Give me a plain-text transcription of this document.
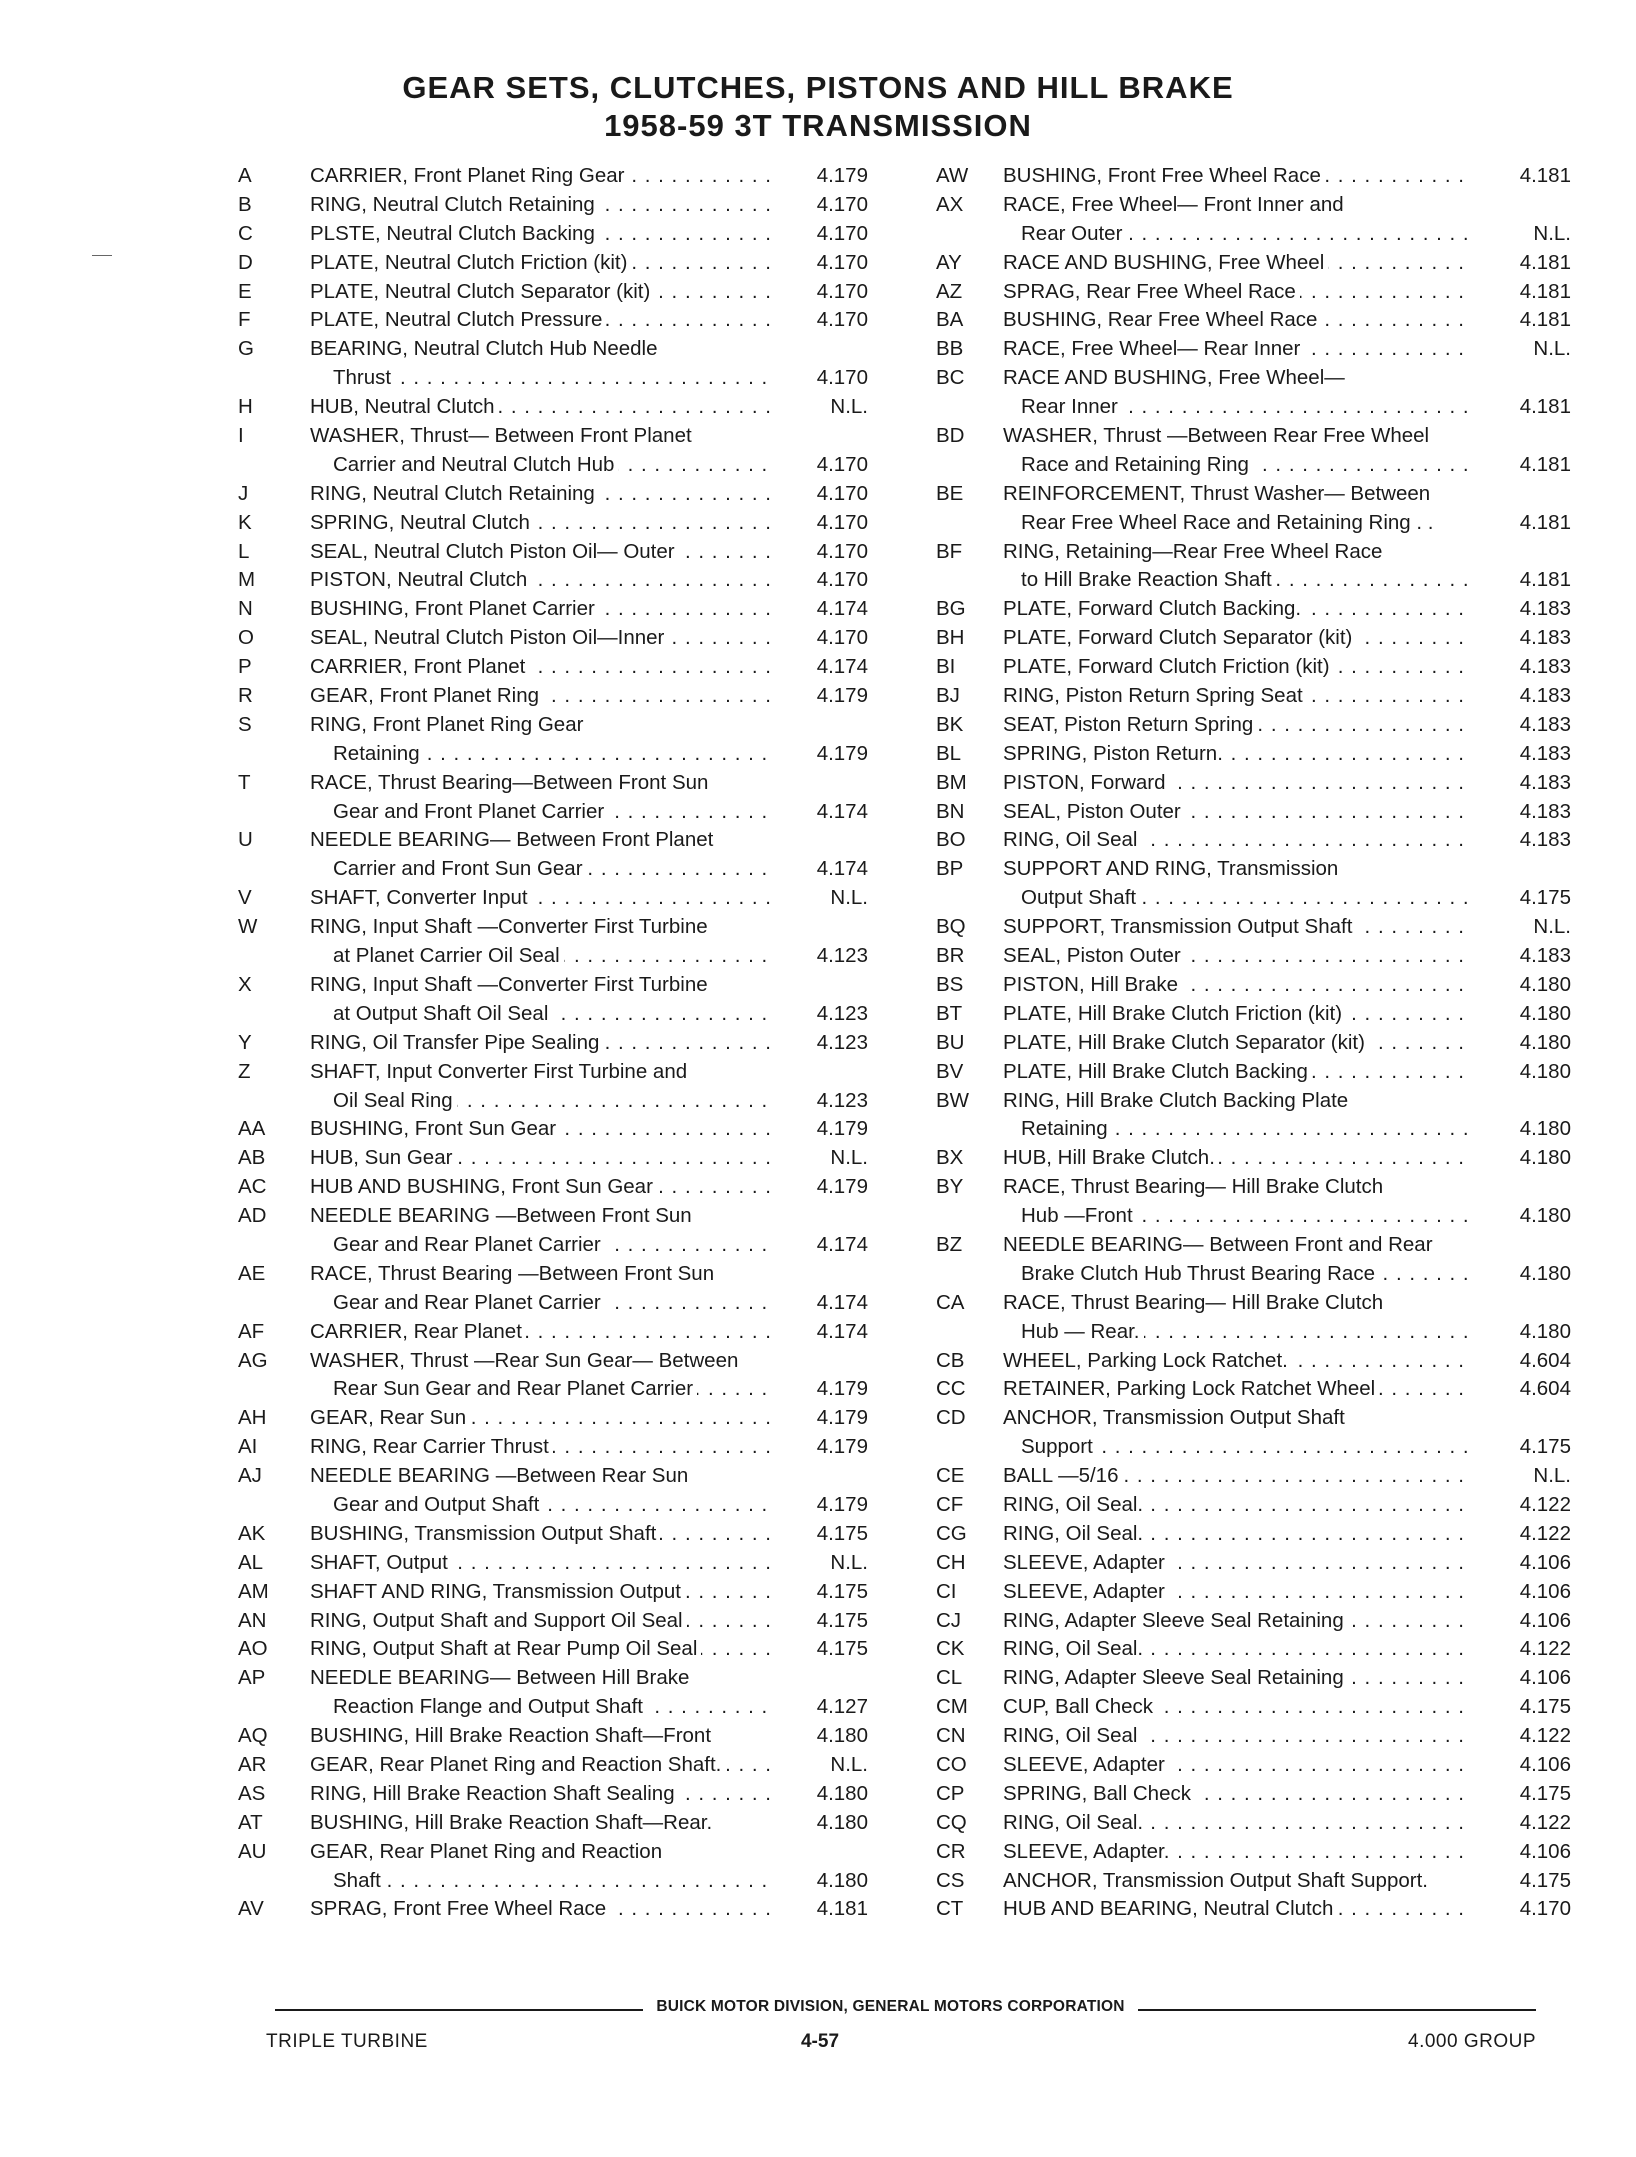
GEAR SETS, CLUTCHES, PISTONS AND HILL BRAKE
1958-59 3T TRANSMISSION
A	CARRIER, Front Planet Ring Gear . . .	4.179
B	RING, Neutral Clutch Retaining . . .	4.170
C	PLSTE, Neutral Clutch Backing . . .	4.170
D	PLATE, Neutral Clutch Friction (kit) . . .	4.170
E	PLATE, Neutral Clutch Separator (kit) . . .	4.170
F	PLATE, Neutral Clutch Pressure . . .	4.170
G	BEARING, Neutral Clutch Hub Needle
Thrust . . .	4.170
H	HUB, Neutral Clutch . . .	N.L.
I	WASHER, Thrust— Between Front Planet
Carrier and Neutral Clutch Hub . . .	4.170
J	RING, Neutral Clutch Retaining . . .	4.170
K	SPRING, Neutral Clutch . . .	4.170
L	SEAL, Neutral Clutch Piston Oil— Outer . . .	4.170
M	PISTON, Neutral Clutch . . .	4.170
N	BUSHING, Front Planet Carrier . . .	4.174
O	SEAL, Neutral Clutch Piston Oil—Inner . . .	4.170
P	CARRIER, Front Planet . . .	4.174
R	GEAR, Front Planet Ring . . .	4.179
S	RING, Front Planet Ring Gear
Retaining . . .	4.179
T	RACE, Thrust Bearing—Between Front Sun
Gear and Front Planet Carrier . . .	4.174
U	NEEDLE BEARING— Between Front Planet
Carrier and Front Sun Gear . . .	4.174
V	SHAFT, Converter Input . . .	N.L.
W	RING, Input Shaft —Converter First Turbine
at Planet Carrier Oil Seal . . .	4.123
X	RING, Input Shaft —Converter First Turbine
at Output Shaft Oil Seal . . .	4.123
Y	RING, Oil Transfer Pipe Sealing . . .	4.123
Z	SHAFT, Input Converter First Turbine and
Oil Seal Ring . . .	4.123
AA BUSHING, Front Sun Gear . . .	4.179
AB HUB, Sun Gear . . .	N.L.
AC HUB AND BUSHING, Front Sun Gear . . .	4.179
AD NEEDLE BEARING —Between Front Sun
Gear and Rear Planet Carrier . . .	4.174
AE RACE, Thrust Bearing —Between Front Sun
Gear and Rear Planet Carrier . . .	4.174
AF CARRIER, Rear Planet . . .	4.174
AG WASHER, Thrust —Rear Sun Gear— Between
Rear Sun Gear and Rear Planet Carrier . . .	4.179
AH GEAR, Rear Sun . . .	4.179
AI	RING, Rear Carrier Thrust . . .	4.179
AJ NEEDLE BEARING —Between Rear Sun
Gear and Output Shaft . . .	4.179
AK BUSHING, Transmission Output Shaft . . .	4.175
AL SHAFT, Output . . .	N.L.
AM SHAFT AND RING, Transmission Output . . .	4.175
AN RING, Output Shaft and Support Oil Seal . . .	4.175
AO RING, Output Shaft at Rear Pump Oil Seal . . .	4.175
AP NEEDLE BEARING— Between Hill Brake
Reaction Flange and Output Shaft . . .	4.127
AQ BUSHING, Hill Brake Reaction Shaft—Front	4.180
AR GEAR, Rear Planet Ring and Reaction Shaft. . . .	N.L.
AS RING, Hill Brake Reaction Shaft Sealing . . .	4.180
AT BUSHING, Hill Brake Reaction Shaft—Rear.	4.180
AU GEAR, Rear Planet Ring and Reaction
Shaft . . .	4.180
AV SPRAG, Front Free Wheel Race . . .	4.181
AW BUSHING, Front Free Wheel Race . . .	4.181
AX RACE, Free Wheel— Front Inner and
Rear Outer . . .	N.L.
AY RACE AND BUSHING, Free Wheel . . .	4.181
AZ SPRAG, Rear Free Wheel Race . . .	4.181
BA BUSHING, Rear Free Wheel Race . . .	4.181
BB RACE, Free Wheel— Rear Inner . . .	N.L.
BC RACE AND BUSHING, Free Wheel—
Rear Inner . . .	4.181
BD WASHER, Thrust —Between Rear Free Wheel
Race and Retaining Ring . . .	4.181
BE REINFORCEMENT, Thrust Washer— Between
Rear Free Wheel Race and Retaining Ring . .	4.181
BF RING, Retaining—Rear Free Wheel Race
to Hill Brake Reaction Shaft . . .	4.181
BG PLATE, Forward Clutch Backing. . . .	4.183
BH PLATE, Forward Clutch Separator (kit) . . .	4.183
BI PLATE, Forward Clutch Friction (kit) . . .	4.183
BJ RING, Piston Return Spring Seat . . .	4.183
BK SEAT, Piston Return Spring . . .	4.183
BL SPRING, Piston Return. . . .	4.183
BM PISTON, Forward . . .	4.183
BN SEAL, Piston Outer . . .	4.183
BO RING, Oil Seal . . .	4.183
BP SUPPORT AND RING, Transmission
Output Shaft . . .	4.175
BQ SUPPORT, Transmission Output Shaft . . .	N.L.
BR SEAL, Piston Outer . . .	4.183
BS PISTON, Hill Brake . . .	4.180
BT PLATE, Hill Brake Clutch Friction (kit) . . .	4.180
BU PLATE, Hill Brake Clutch Separator (kit) . . .	4.180
BV PLATE, Hill Brake Clutch Backing . . .	4.180
BW RING, Hill Brake Clutch Backing Plate
Retaining . . .	4.180
BX HUB, Hill Brake Clutch. . . .	4.180
BY RACE, Thrust Bearing— Hill Brake Clutch
Hub —Front . . .	4.180
BZ NEEDLE BEARING— Between Front and Rear
Brake Clutch Hub Thrust Bearing Race . . .	4.180
CA RACE, Thrust Bearing— Hill Brake Clutch
Hub — Rear. . . .	4.180
CB WHEEL, Parking Lock Ratchet. . . .	4.604
CC RETAINER, Parking Lock Ratchet Wheel . . .	4.604
CD ANCHOR, Transmission Output Shaft
Support . . .	4.175
CE BALL —5/16 . . .	N.L.
CF RING, Oil Seal. . . .	4.122
CG RING, Oil Seal. . . .	4.122
CH SLEEVE, Adapter . . .	4.106
CI SLEEVE, Adapter . . .	4.106
CJ RING, Adapter Sleeve Seal Retaining . . .	4.106
CK RING, Oil Seal. . . .	4.122
CL RING, Adapter Sleeve Seal Retaining . . .	4.106
CM CUP, Ball Check . . .	4.175
CN RING, Oil Seal . . .	4.122
CO SLEEVE, Adapter . . .	4.106
CP SPRING, Ball Check . . .	4.175
CQ RING, Oil Seal. . . .	4.122
CR SLEEVE, Adapter. . . .	4.106
CS ANCHOR, Transmission Output Shaft Support.	4.175
CT HUB AND BEARING, Neutral Clutch . . .	4.170
BUICK MOTOR DIVISION, GENERAL MOTORS CORPORATION
TRIPLE TURBINE	4-57	4.000 GROUP
